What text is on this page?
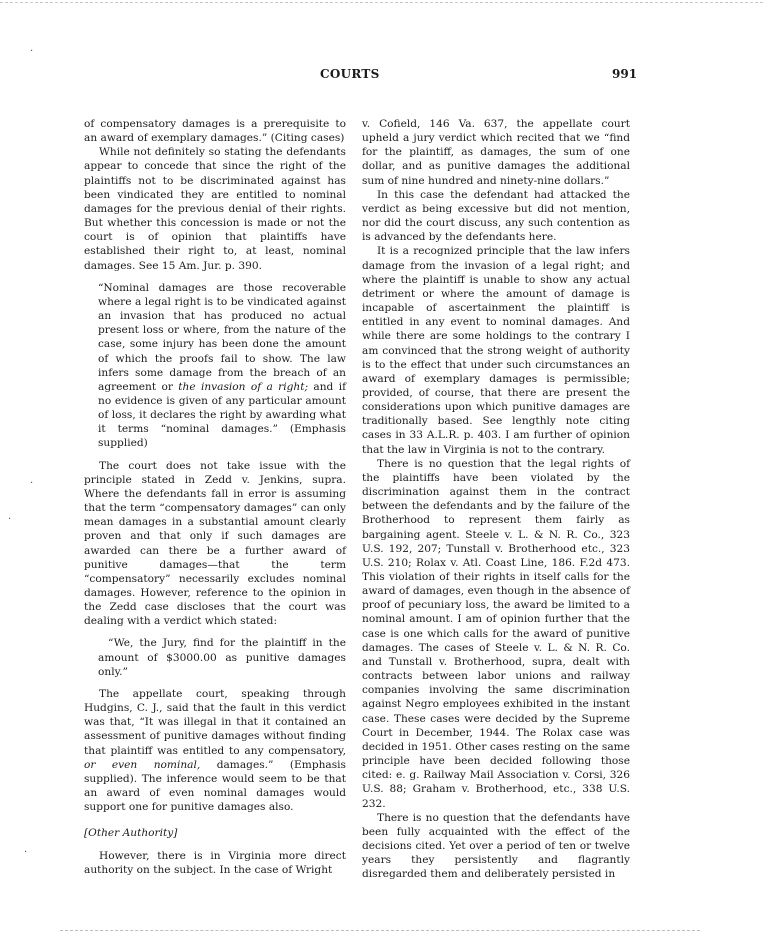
COURTS	991
·
·
·
·

of compensatory damages is a prerequisite to an award of exemplary damages.” (Citing cases)

While not definitely so stating the defendants appear to concede that since the right of the plaintiffs not to be discriminated against has been vindicated they are entitled to nominal damages for the previous denial of their rights. But whether this concession is made or not the court is of opinion that plaintiffs have established their right to, at least, nominal damages. See 15 Am. Jur. p. 390.

“Nominal damages are those recoverable where a legal right is to be vindicated against an invasion that has produced no actual present loss or where, from the nature of the case, some injury has been done the amount of which the proofs fail to show. The law infers some damage from the breach of an agreement or the invasion of a right; and if no evidence is given of any particular amount of loss, it declares the right by awarding what it terms “nominal damages.” (Emphasis supplied)

The court does not take issue with the principle stated in Zedd v. Jenkins, supra. Where the defendants fall in error is assuming that the term “compensatory damages” can only mean damages in a substantial amount clearly proven and that only if such damages are awarded can there be a further award of punitive damages—that the term “compensatory” necessarily excludes nominal damages. However, reference to the opinion in the Zedd case discloses that the court was dealing with a verdict which stated:

“We, the Jury, find for the plaintiff in the amount of $3000.00 as punitive damages only.”

The appellate court, speaking through Hudgins, C. J., said that the fault in this verdict was that, “It was illegal in that it contained an assessment of punitive damages without finding that plaintiff was entitled to any compensatory, or even nominal, damages.” (Emphasis supplied). The inference would seem to be that an award of even nominal damages would support one for punitive damages also.

[Other Authority]

However, there is in Virginia more direct authority on the subject. In the case of Wright

v. Cofield, 146 Va. 637, the appellate court upheld a jury verdict which recited that we “find for the plaintiff, as damages, the sum of one dollar, and as punitive damages the additional sum of nine hundred and ninety-nine dollars.”

In this case the defendant had attacked the verdict as being excessive but did not mention, nor did the court discuss, any such contention as is advanced by the defendants here.

It is a recognized principle that the law infers damage from the invasion of a legal right; and where the plaintiff is unable to show any actual detriment or where the amount of damage is incapable of ascertainment the plaintiff is entitled in any event to nominal damages. And while there are some holdings to the contrary I am convinced that the strong weight of authority is to the effect that under such circumstances an award of exemplary damages is permissible; provided, of course, that there are present the considerations upon which punitive damages are traditionally based. See lengthly note citing cases in 33 A.L.R. p. 403. I am further of opinion that the law in Virginia is not to the contrary.

There is no question that the legal rights of the plaintiffs have been violated by the discrimination against them in the contract between the defendants and by the failure of the Brotherhood to represent them fairly as bargaining agent. Steele v. L. & N. R. Co., 323 U.S. 192, 207; Tunstall v. Brotherhood etc., 323 U.S. 210; Rolax v. Atl. Coast Line, 186. F.2d 473. This violation of their rights in itself calls for the award of damages, even though in the absence of proof of pecuniary loss, the award be limited to a nominal amount. I am of opinion further that the case is one which calls for the award of punitive damages. The cases of Steele v. L. & N. R. Co. and Tunstall v. Brotherhood, supra, dealt with contracts between labor unions and railway companies involving the same discrimination against Negro employees exhibited in the instant case. These cases were decided by the Supreme Court in December, 1944. The Rolax case was decided in 1951. Other cases resting on the same principle have been decided following those cited: e. g. Railway Mail Association v. Corsi, 326 U.S. 88; Graham v. Brotherhood, etc., 338 U.S. 232.

There is no question that the defendants have been fully acquainted with the effect of the decisions cited. Yet over a period of ten or twelve years they persistently and flagrantly disregarded them and deliberately persisted in
